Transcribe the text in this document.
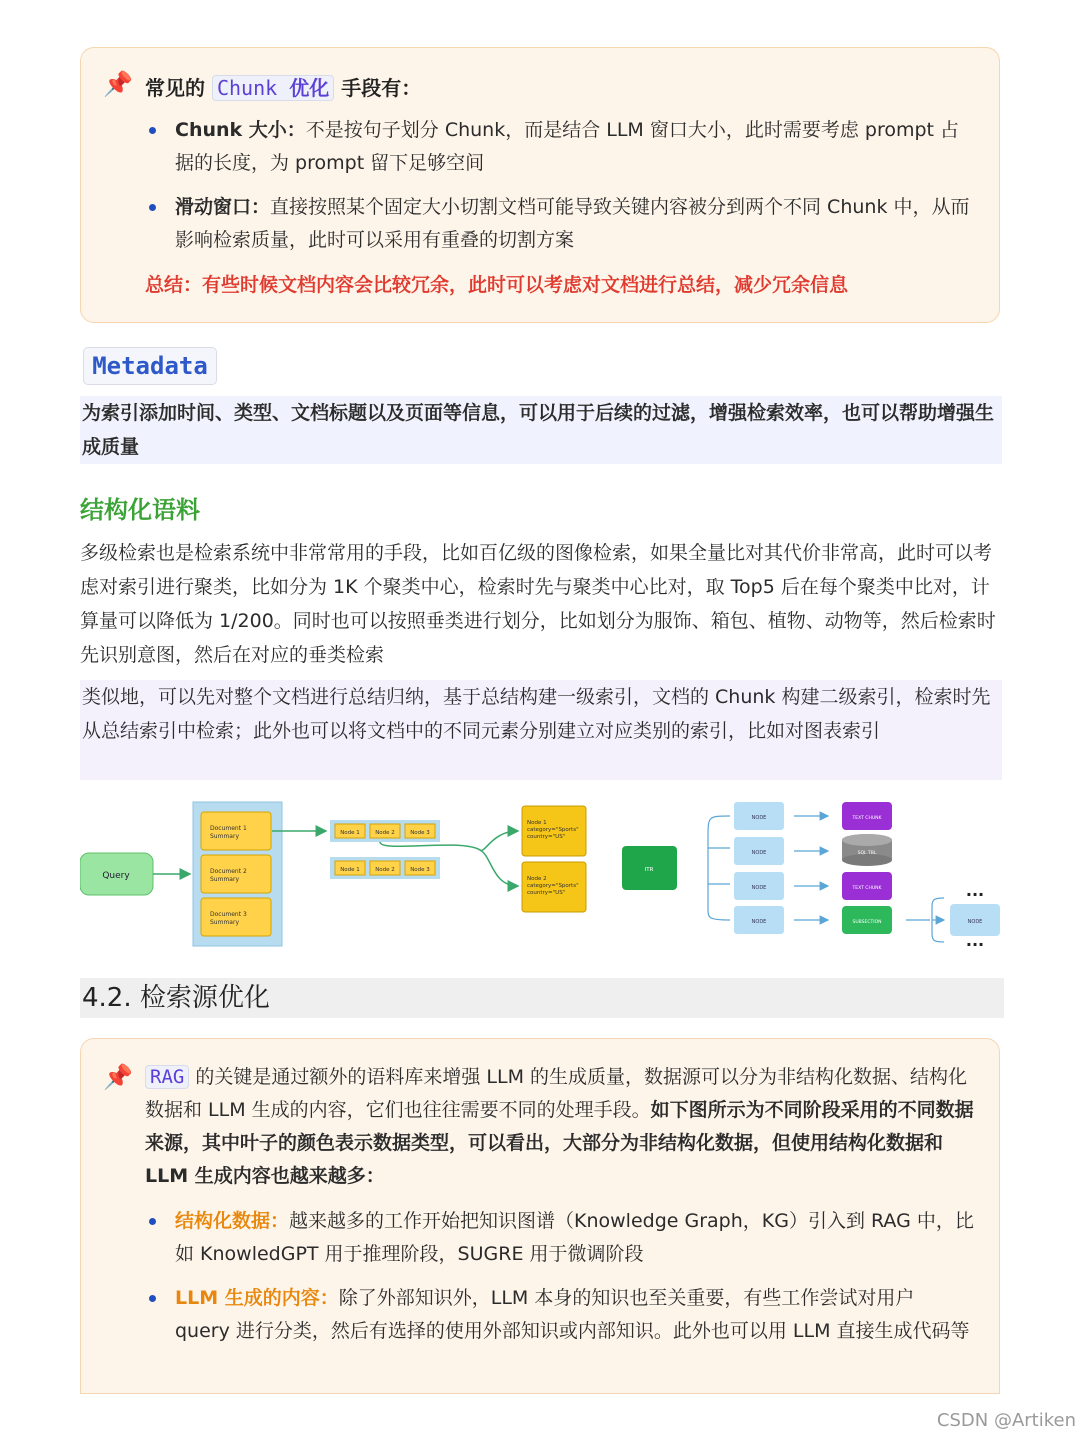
📌 常见的 Chunk 优化 手段有：
Chunk 大小：不是按句子划分 Chunk，而是结合 LLM 窗口大小，此时需要考虑 prompt 占据的长度，为 prompt 留下足够空间
滑动窗口：直接按照某个固定大小切割文档可能导致关键内容被分到两个不同 Chunk 中，从而影响检索质量，此时可以采用有重叠的切割方案
总结：有些时候文档内容会比较冗余，此时可以考虑对文档进行总结，减少冗余信息
Metadata
为索引添加时间、类型、文档标题以及页面等信息，可以用于后续的过滤，增强检索效率，也可以帮助增强生成质量
结构化语料
多级检索也是检索系统中非常常用的手段，比如百亿级的图像检索，如果全量比对其代价非常高，此时可以考虑对索引进行聚类，比如分为 1K 个聚类中心，检索时先与聚类中心比对，取 Top5 后在每个聚类中比对，计算量可以降低为 1/200。同时也可以按照垂类进行划分，比如划分为服饰、箱包、植物、动物等，然后检索时先识别意图，然后在对应的垂类检索
类似地，可以先对整个文档进行总结归纳，基于总结构建一级索引，文档的 Chunk 构建二级索引，检索时先从总结索引中检索；此外也可以将文档中的不同元素分别建立对应类别的索引，比如对图表索引
Query
Document 1
Summary
Document 2
Summary
Document 3
Summary
Node 1	Node 2	Node 3
Node 1	Node 2	Node 3
Node 1
category="Sports"
country="US"
Node 2
category="Sports"
country="US"
ITR
NODE
NODE
NODE
NODE
TEXT CHUNK
SQL TBL
TEXT CHUNK
SUBSECTION	NODE
...
...
4.2. 检索源优化
📌 RAG 的关键是通过额外的语料库来增强 LLM 的生成质量，数据源可以分为非结构化数据、结构化数据和 LLM 生成的内容，它们也往往需要不同的处理手段。如下图所示为不同阶段采用的不同数据来源，其中叶子的颜色表示数据类型，可以看出，大部分为非结构化数据，但使用结构化数据和 LLM 生成内容也越来越多：
结构化数据：越来越多的工作开始把知识图谱（Knowledge Graph，KG）引入到 RAG 中，比如 KnowledGPT 用于推理阶段，SUGRE 用于微调阶段
LLM 生成的内容：除了外部知识外，LLM 本身的知识也至关重要，有些工作尝试对用户 query 进行分类，然后有选择的使用外部知识或内部知识。此外也可以用 LLM 直接生成代码等
CSDN @Artiken
